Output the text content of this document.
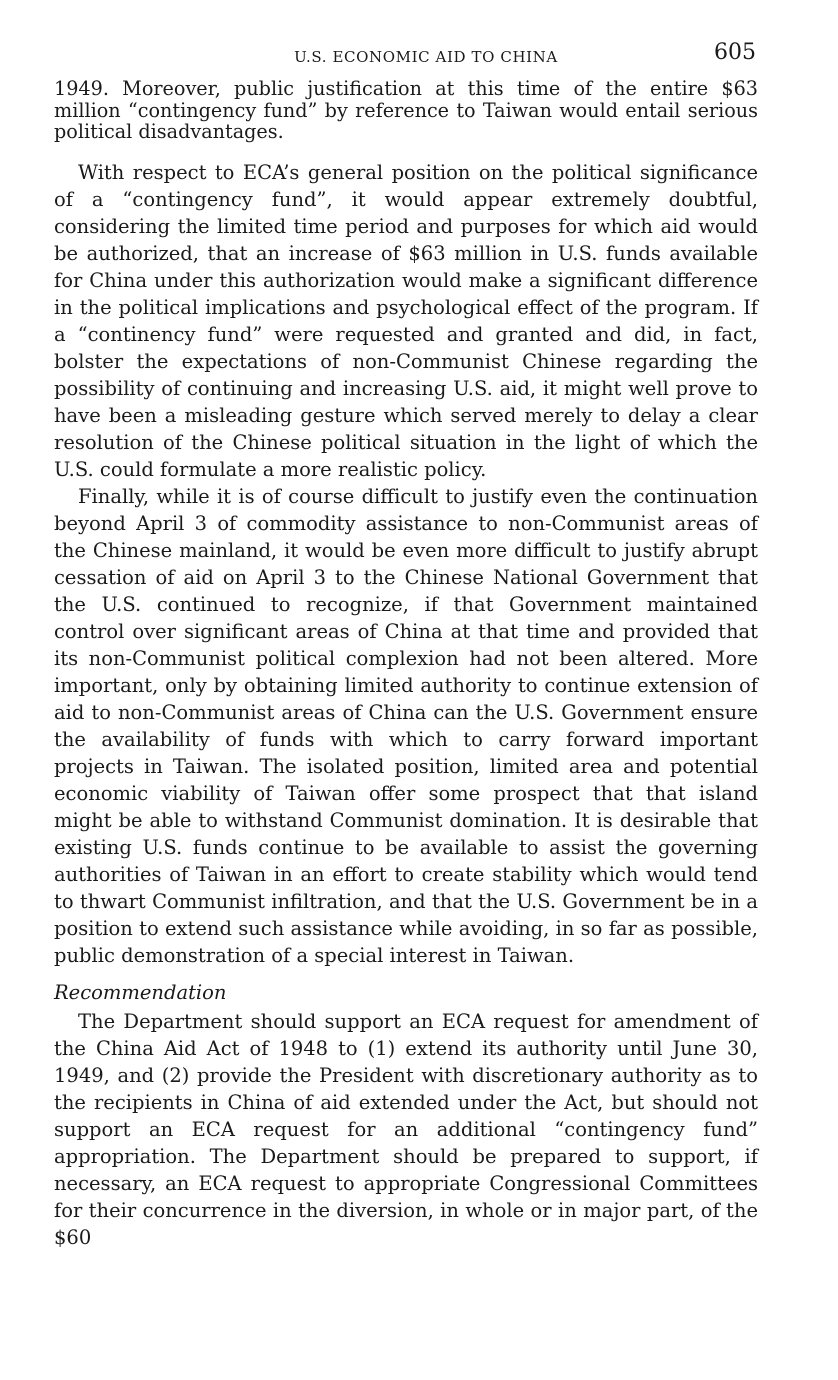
U.S. ECONOMIC AID TO CHINA	605

1949. Moreover, public justification at this time of the entire $63 million “contingency fund” by reference to Taiwan would entail serious political disadvantages.

With respect to ECA’s general position on the political significance of a “contingency fund”, it would appear extremely doubtful, considering the limited time period and purposes for which aid would be authorized, that an increase of $63 million in U.S. funds available for China under this authorization would make a significant difference in the political implications and psychological effect of the program. If a “continency fund” were requested and granted and did, in fact, bolster the expectations of non-Communist Chinese regarding the possibility of continuing and increasing U.S. aid, it might well prove to have been a misleading gesture which served merely to delay a clear resolution of the Chinese political situation in the light of which the U.S. could formulate a more realistic policy.

Finally, while it is of course difficult to justify even the continuation beyond April 3 of commodity assistance to non-Communist areas of the Chinese mainland, it would be even more difficult to justify abrupt cessation of aid on April 3 to the Chinese National Government that the U.S. continued to recognize, if that Government maintained control over significant areas of China at that time and provided that its non-Communist political complexion had not been altered. More important, only by obtaining limited authority to continue extension of aid to non-Communist areas of China can the U.S. Government ensure the availability of funds with which to carry forward important projects in Taiwan. The isolated position, limited area and potential economic viability of Taiwan offer some prospect that that island might be able to withstand Communist domination. It is desirable that existing U.S. funds continue to be available to assist the governing authorities of Taiwan in an effort to create stability which would tend to thwart Communist infiltration, and that the U.S. Government be in a position to extend such assistance while avoiding, in so far as possible, public demonstration of a special interest in Taiwan.

Recommendation

The Department should support an ECA request for amendment of the China Aid Act of 1948 to (1) extend its authority until June 30, 1949, and (2) provide the President with discretionary authority as to the recipients in China of aid extended under the Act, but should not support an ECA request for an additional “contingency fund” appropriation. The Department should be prepared to support, if necessary, an ECA request to appropriate Congressional Committees for their concurrence in the diversion, in whole or in major part, of the $60
